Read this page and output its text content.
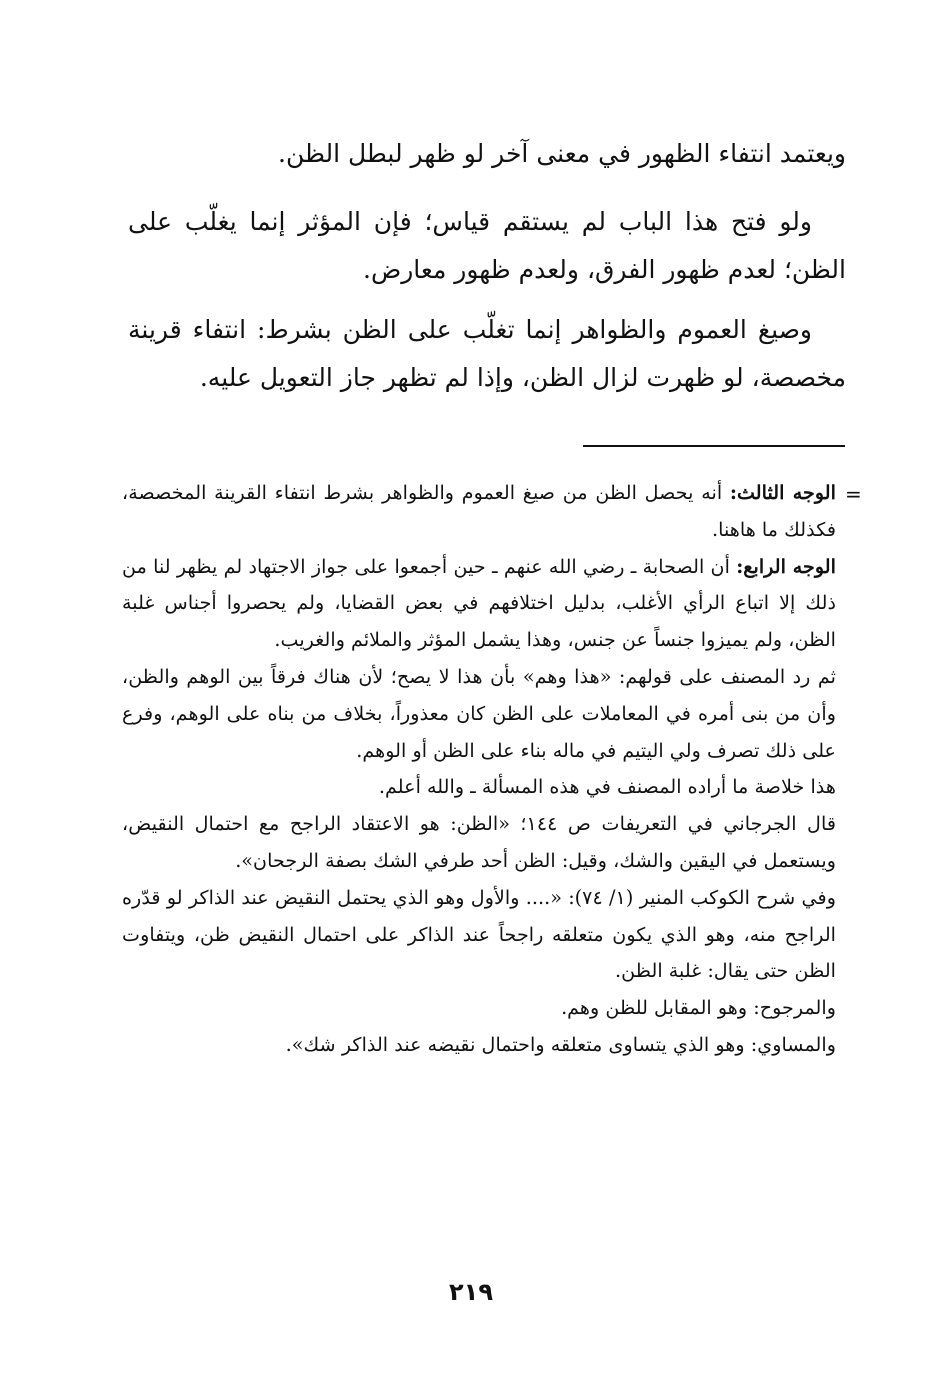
ويعتمد انتفاء الظهور في معنى آخر لو ظهر لبطل الظن.

ولو فتح هذا الباب لم يستقم قياس؛ فإن المؤثر إنما يغلّب على الظن؛ لعدم ظهور الفرق، ولعدم ظهور معارض.

وصيغ العموم والظواهر إنما تغلّب على الظن بشرط: انتفاء قرينة مخصصة، لو ظهرت لزال الظن، وإذا لم تظهر جاز التعويل عليه.

=

الوجه الثالث: أنه يحصل الظن من صيغ العموم والظواهر بشرط انتفاء القرينة المخصصة، فكذلك ما هاهنا.

الوجه الرابع: أن الصحابة ـ رضي الله عنهم ـ حين أجمعوا على جواز الاجتهاد لم يظهر لنا من ذلك إلا اتباع الرأي الأغلب، بدليل اختلافهم في بعض القضايا، ولم يحصروا أجناس غلبة الظن، ولم يميزوا جنساً عن جنس، وهذا يشمل المؤثر والملائم والغريب.

ثم رد المصنف على قولهم: «هذا وهم» بأن هذا لا يصح؛ لأن هناك فرقاً بين الوهم والظن، وأن من بنى أمره في المعاملات على الظن كان معذوراً، بخلاف من بناه على الوهم، وفرع على ذلك تصرف ولي اليتيم في ماله بناء على الظن أو الوهم.

هذا خلاصة ما أراده المصنف في هذه المسألة ـ والله أعلم.

قال الجرجاني في التعريفات ص ١٤٤؛ «الظن: هو الاعتقاد الراجح مع احتمال النقيض، ويستعمل في اليقين والشك، وقيل: الظن أحد طرفي الشك بصفة الرجحان».

وفي شرح الكوكب المنير (١/ ٧٤): «.... والأول وهو الذي يحتمل النقيض عند الذاكر لو قدّره الراجح منه، وهو الذي يكون متعلقه راجحاً عند الذاكر على احتمال النقيض ظن، ويتفاوت الظن حتى يقال: غلبة الظن.

والمرجوح: وهو المقابل للظن وهم.

والمساوي: وهو الذي يتساوى متعلقه واحتمال نقيضه عند الذاكر شك».

٢١٩
